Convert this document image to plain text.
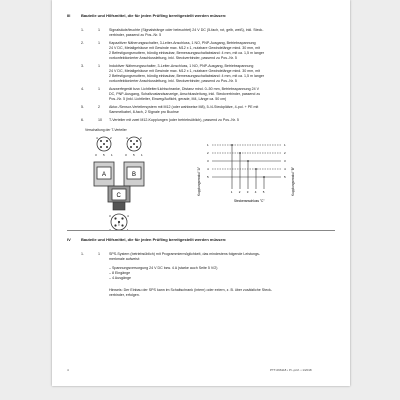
III	Bauteile und Hilfsmittel, die für jeden Prüfling bereitgestellt werden müssen:
1.	1	Signalsäule/leuchte (Signalstränge oder beleuchtet) 24 V DC (5-fach, rot, gelb, weiß), inkl. Steck-
verbinder, passend zu Pos.-Nr. 5
2.	1	Kapazitiver Näherungsschalter, 3-Leiter-Anschluss, 1 NO, PNP-Ausgang, Betriebsspannung
24 V DC, Metallgehäuse mit Gewinde max. M12 x 1, nutzbare Gewindelänge mind. 30 mm, mit
2 Befestigungsmuttern, bündig einbaubar, Bemessungsschaltabstand: 4 mm, mit ca. 1,5 m langer
vorkonfektionierter Anschlussleitung, inkl. Steckverbinder, passend zu Pos.-Nr. 5
3.	1	Induktiver Näherungsschalter, 3-Leiter-Anschluss, 1 NO, PNP-Ausgang, Betriebsspannung
24 V DC, Metallgehäuse mit Gewinde max. M12 x 1, nutzbare Gewindelänge mind. 30 mm, mit
2 Befestigungsmuttern, bündig einbaubar, Bemessungsschaltabstand: 4 mm, mit ca. 1,5 m langer
vorkonfektionierter Anschlussleitung, inkl. Steckverbinder, passend zu Pos.-Nr. 5
4.	1	Auswerfegerät bzw. Lichtleiter/Lichtschranke, Distanz mind. 0–50 mm, Betriebsspannung 24 V
DC, PNP-Ausgang, Schaltzustandsanzeige, Anschlussleitung, inkl. Steckverbinder, passend zu
Pos.-Nr. 5 (inkl. Lichtleiter, Einweg/Auflicht, gerade, M4, Länge ca. 50 cm)
5.	2	Aktor-/Sensor-Verteilersystem mit M12 (oder wahlweise M8), 5-/4-Steckplätze, 4-pol. + PE mit
Sammelkabel, 8-fach, 2 Signale pro Buchse
6.	10 T-Verteiler mit zwei M12-Kupplungen (oder betriebsüblich), passend zu Pos.-Nr. 5
Verschaltung der T-Verteiler
4	2	4	2
3 5 1	3 5 1
A	B
C
3	4
5
2	1
Kupplungsmodul "A"	Kupplungsmodul "B"
1
2
3
4
5
1
2
3
4
5
1 2 3 4 5
Steckeranschluss "C"
IV	Bauteile und Hilfsmittel, die für jeden Prüfling bereitgestellt werden müssen:
1.	1	SPS-System (betriebsüblich) mit Programmiermöglichkeit, das mindestens folgende Leistungs-
merkmale aufweist:
– Spannungsversorgung 24 V DC bzw. 4 A (starke auch Seite 5 V/2)
– 8 Eingänge
– 4 Ausgänge
Hinweis: Der Einbau der SPS kann im Schaltschrank (intern) oder extern, z. B. über zusätzliche Steck-
verbinder, erfolgen.
4	PTT-096118 • Pr.-prüf. • 1/2018
